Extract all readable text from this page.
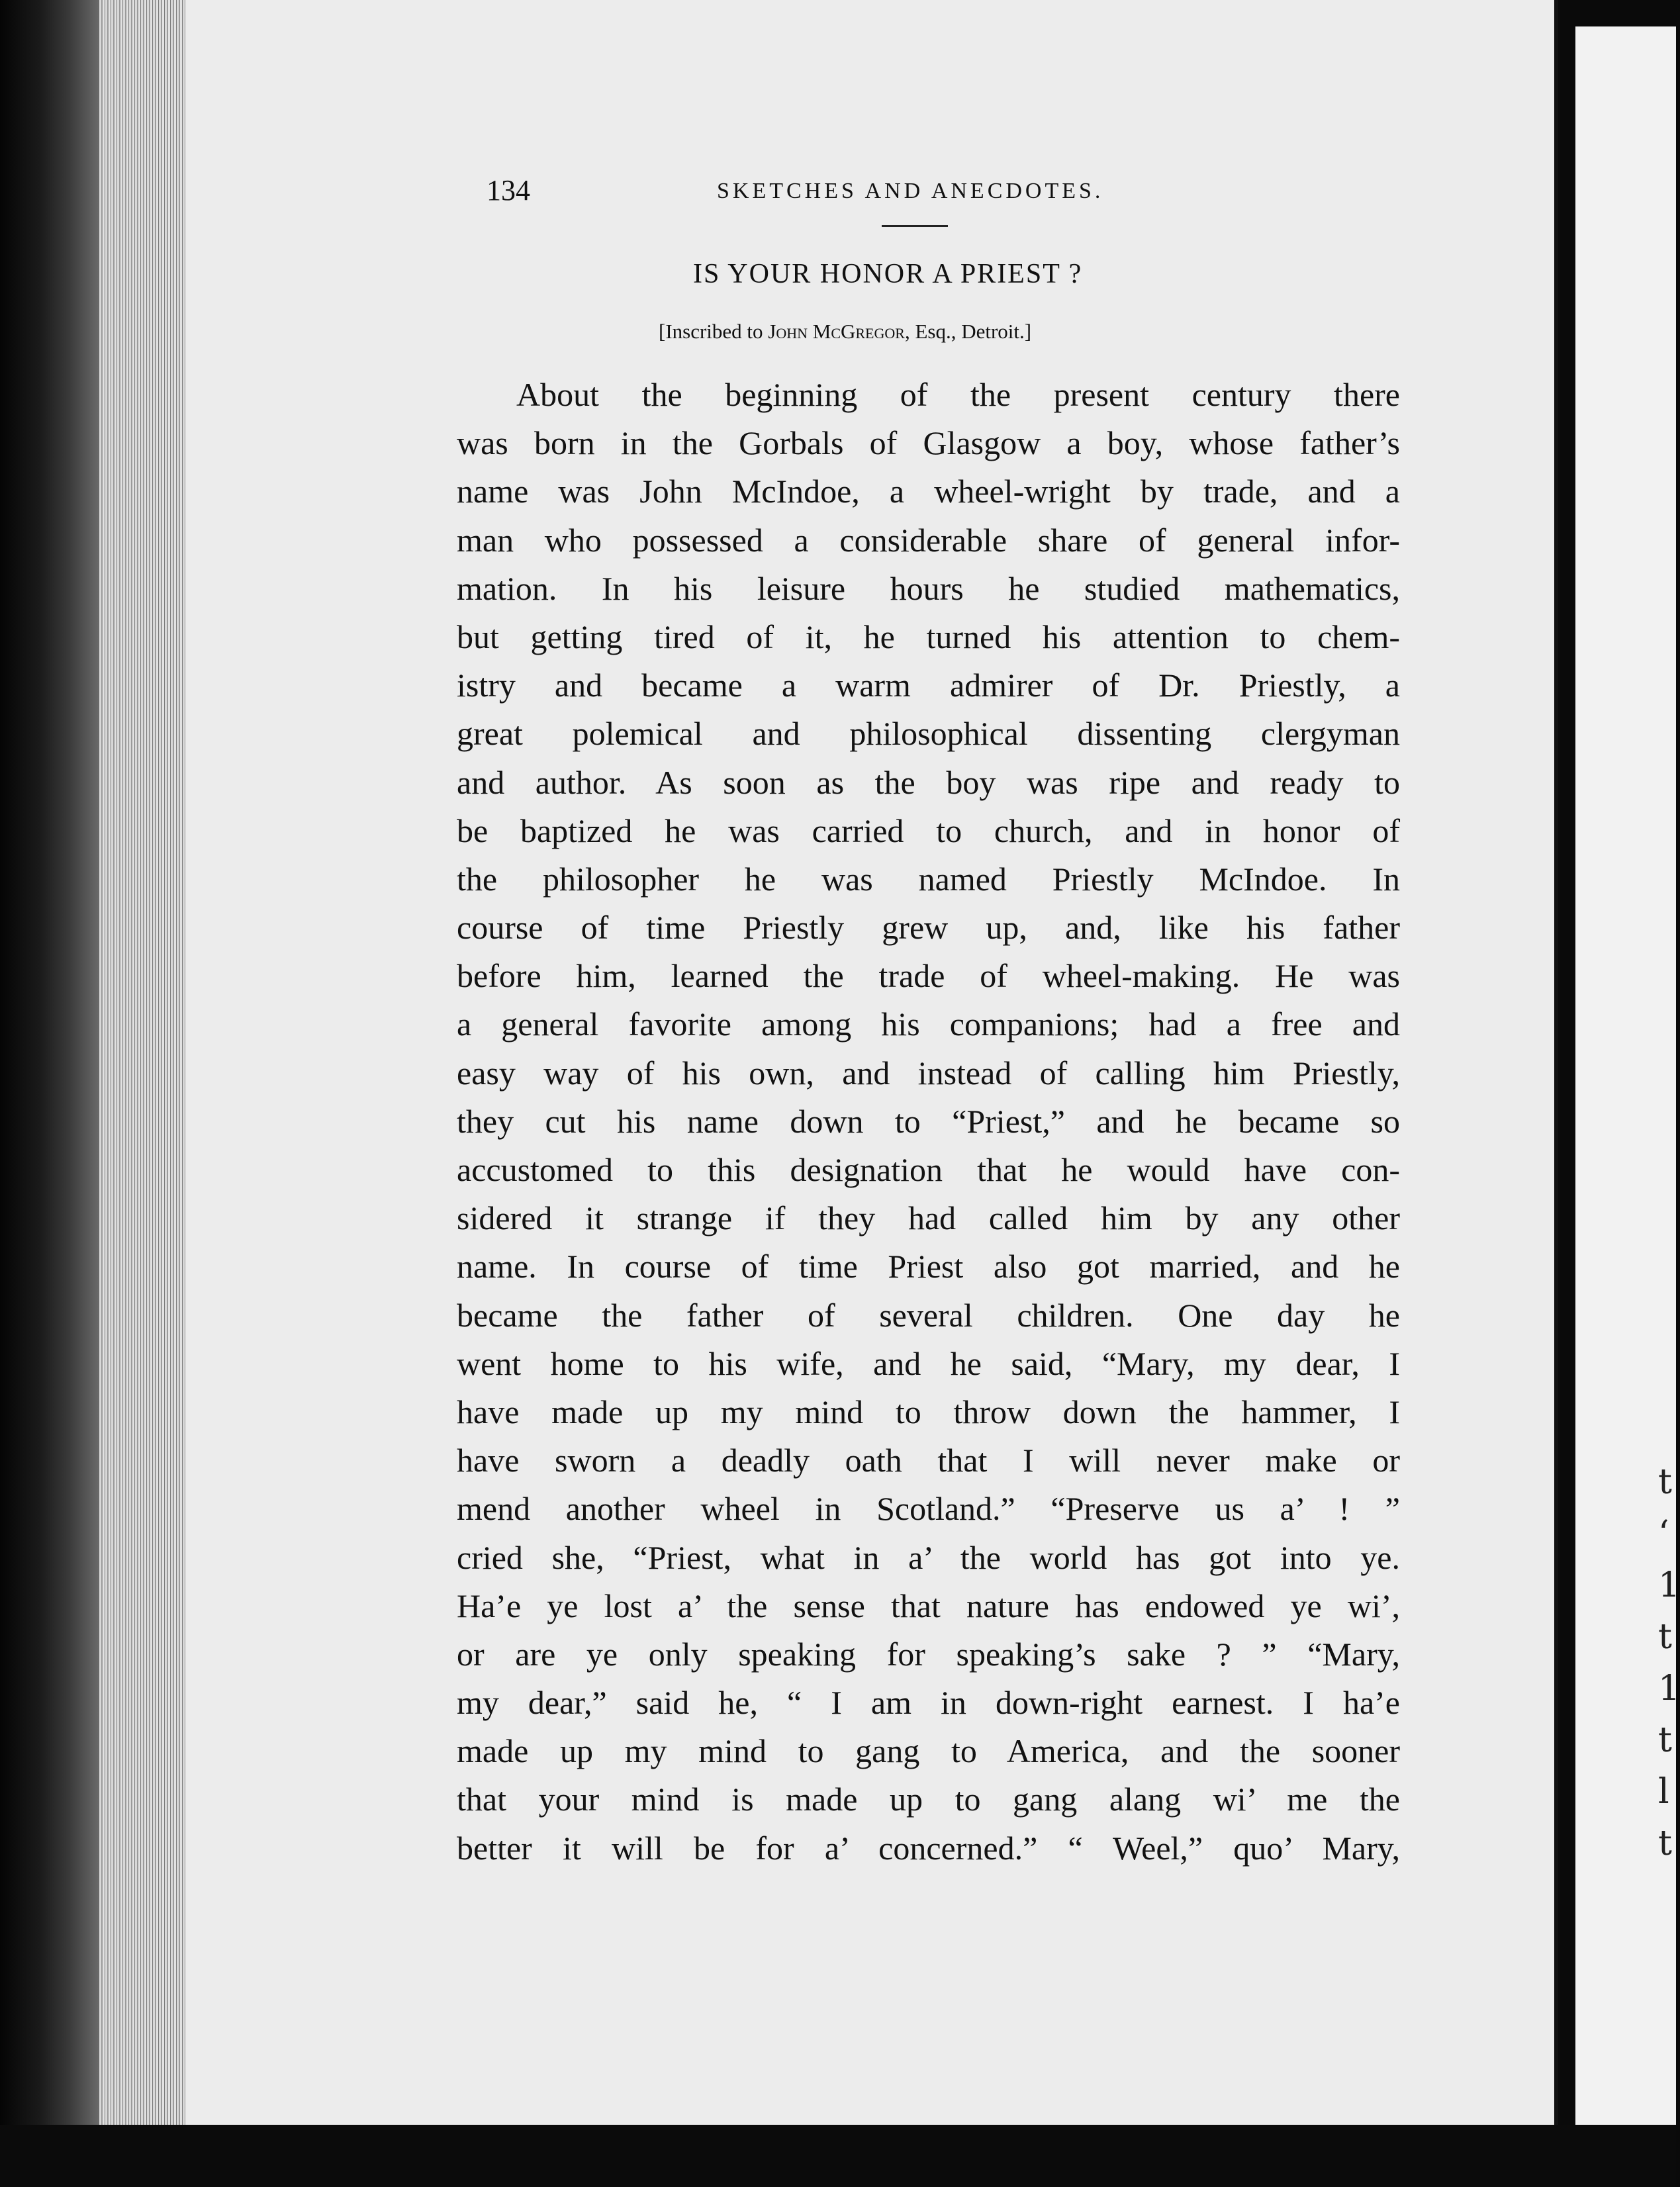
t
‘
1
t
1
t
l
t
134	SKETCHES AND ANECDOTES.
IS YOUR HONOR A PRIEST ?
[Inscribed to John McGregor, Esq., Detroit.]
About the beginning of the present century there
was born in the Gorbals of Glasgow a boy, whose father’s
name was John McIndoe, a wheel-wright by trade, and a
man who possessed a considerable share of general infor-
mation. In his leisure hours he studied mathematics,
but getting tired of it, he turned his attention to chem-
istry and became a warm admirer of Dr. Priestly, a
great polemical and philosophical dissenting clergyman
and author. As soon as the boy was ripe and ready to
be baptized he was carried to church, and in honor of
the philosopher he was named Priestly McIndoe. In
course of time Priestly grew up, and, like his father
before him, learned the trade of wheel-making. He was
a general favorite among his companions; had a free and
easy way of his own, and instead of calling him Priestly,
they cut his name down to “Priest,” and he became so
accustomed to this designation that he would have con-
sidered it strange if they had called him by any other
name. In course of time Priest also got married, and he
became the father of several children. One day he
went home to his wife, and he said, “Mary, my dear, I
have made up my mind to throw down the hammer, I
have sworn a deadly oath that I will never make or
mend another wheel in Scotland.” “Preserve us a’ ! ”
cried she, “Priest, what in a’ the world has got into ye.
Ha’e ye lost a’ the sense that nature has endowed ye wi’,
or are ye only speaking for speaking’s sake ? ” “Mary,
my dear,” said he, “ I am in down-right earnest. I ha’e
made up my mind to gang to America, and the sooner
that your mind is made up to gang alang wi’ me the
better it will be for a’ concerned.” “ Weel,” quo’ Mary,
